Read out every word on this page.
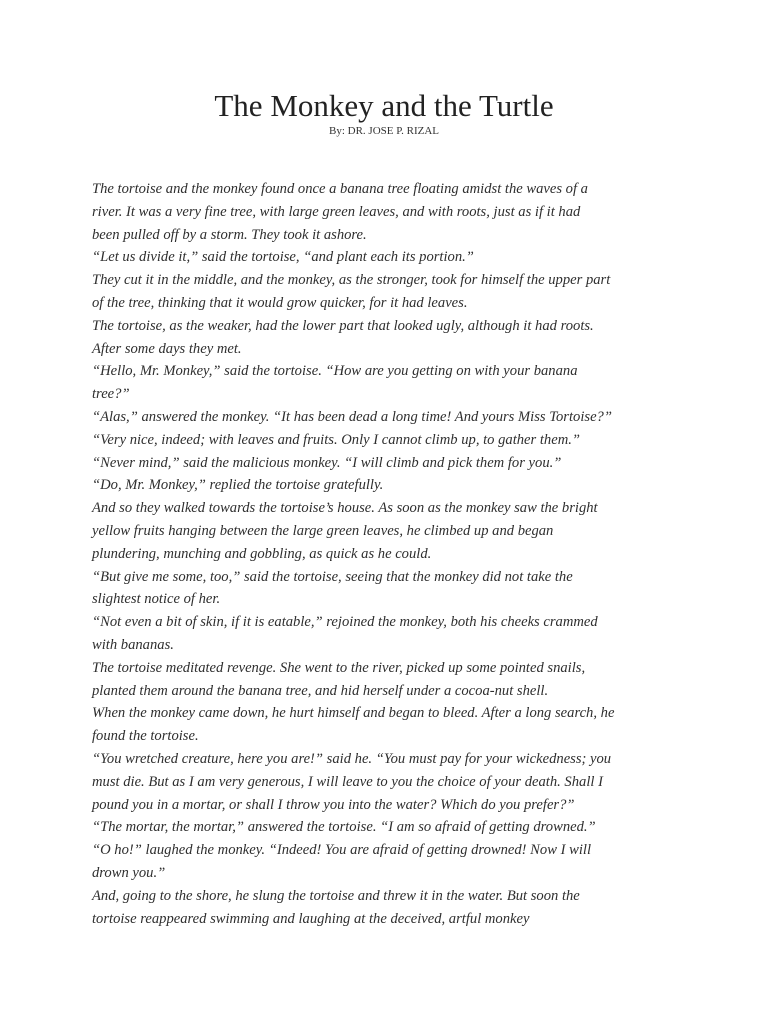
The Monkey and the Turtle

By: DR. JOSE P. RIZAL

The tortoise and the monkey found once a banana tree floating amidst the waves of a
river. It was a very fine tree, with large green leaves, and with roots, just as if it had
been pulled off by a storm. They took it ashore.
“Let us divide it,” said the tortoise, “and plant each its portion.”
They cut it in the middle, and the monkey, as the stronger, took for himself the upper part
of the tree, thinking that it would grow quicker, for it had leaves.
The tortoise, as the weaker, had the lower part that looked ugly, although it had roots.
After some days they met.
“Hello, Mr. Monkey,” said the tortoise. “How are you getting on with your banana
tree?”
“Alas,” answered the monkey. “It has been dead a long time! And yours Miss Tortoise?”
“Very nice, indeed; with leaves and fruits. Only I cannot climb up, to gather them.”
“Never mind,” said the malicious monkey. “I will climb and pick them for you.”
“Do, Mr. Monkey,” replied the tortoise gratefully.
And so they walked towards the tortoise’s house. As soon as the monkey saw the bright
yellow fruits hanging between the large green leaves, he climbed up and began
plundering, munching and gobbling, as quick as he could.
“But give me some, too,” said the tortoise, seeing that the monkey did not take the
slightest notice of her.
“Not even a bit of skin, if it is eatable,” rejoined the monkey, both his cheeks crammed
with bananas.
The tortoise meditated revenge. She went to the river, picked up some pointed snails,
planted them around the banana tree, and hid herself under a cocoa-nut shell.
When the monkey came down, he hurt himself and began to bleed. After a long search, he
found the tortoise.
“You wretched creature, here you are!” said he. “You must pay for your wickedness; you
must die. But as I am very generous, I will leave to you the choice of your death. Shall I
pound you in a mortar, or shall I throw you into the water? Which do you prefer?”
“The mortar, the mortar,” answered the tortoise. “I am so afraid of getting drowned.”
“O ho!” laughed the monkey. “Indeed! You are afraid of getting drowned! Now I will
drown you.”
And, going to the shore, he slung the tortoise and threw it in the water. But soon the
tortoise reappeared swimming and laughing at the deceived, artful monkey
